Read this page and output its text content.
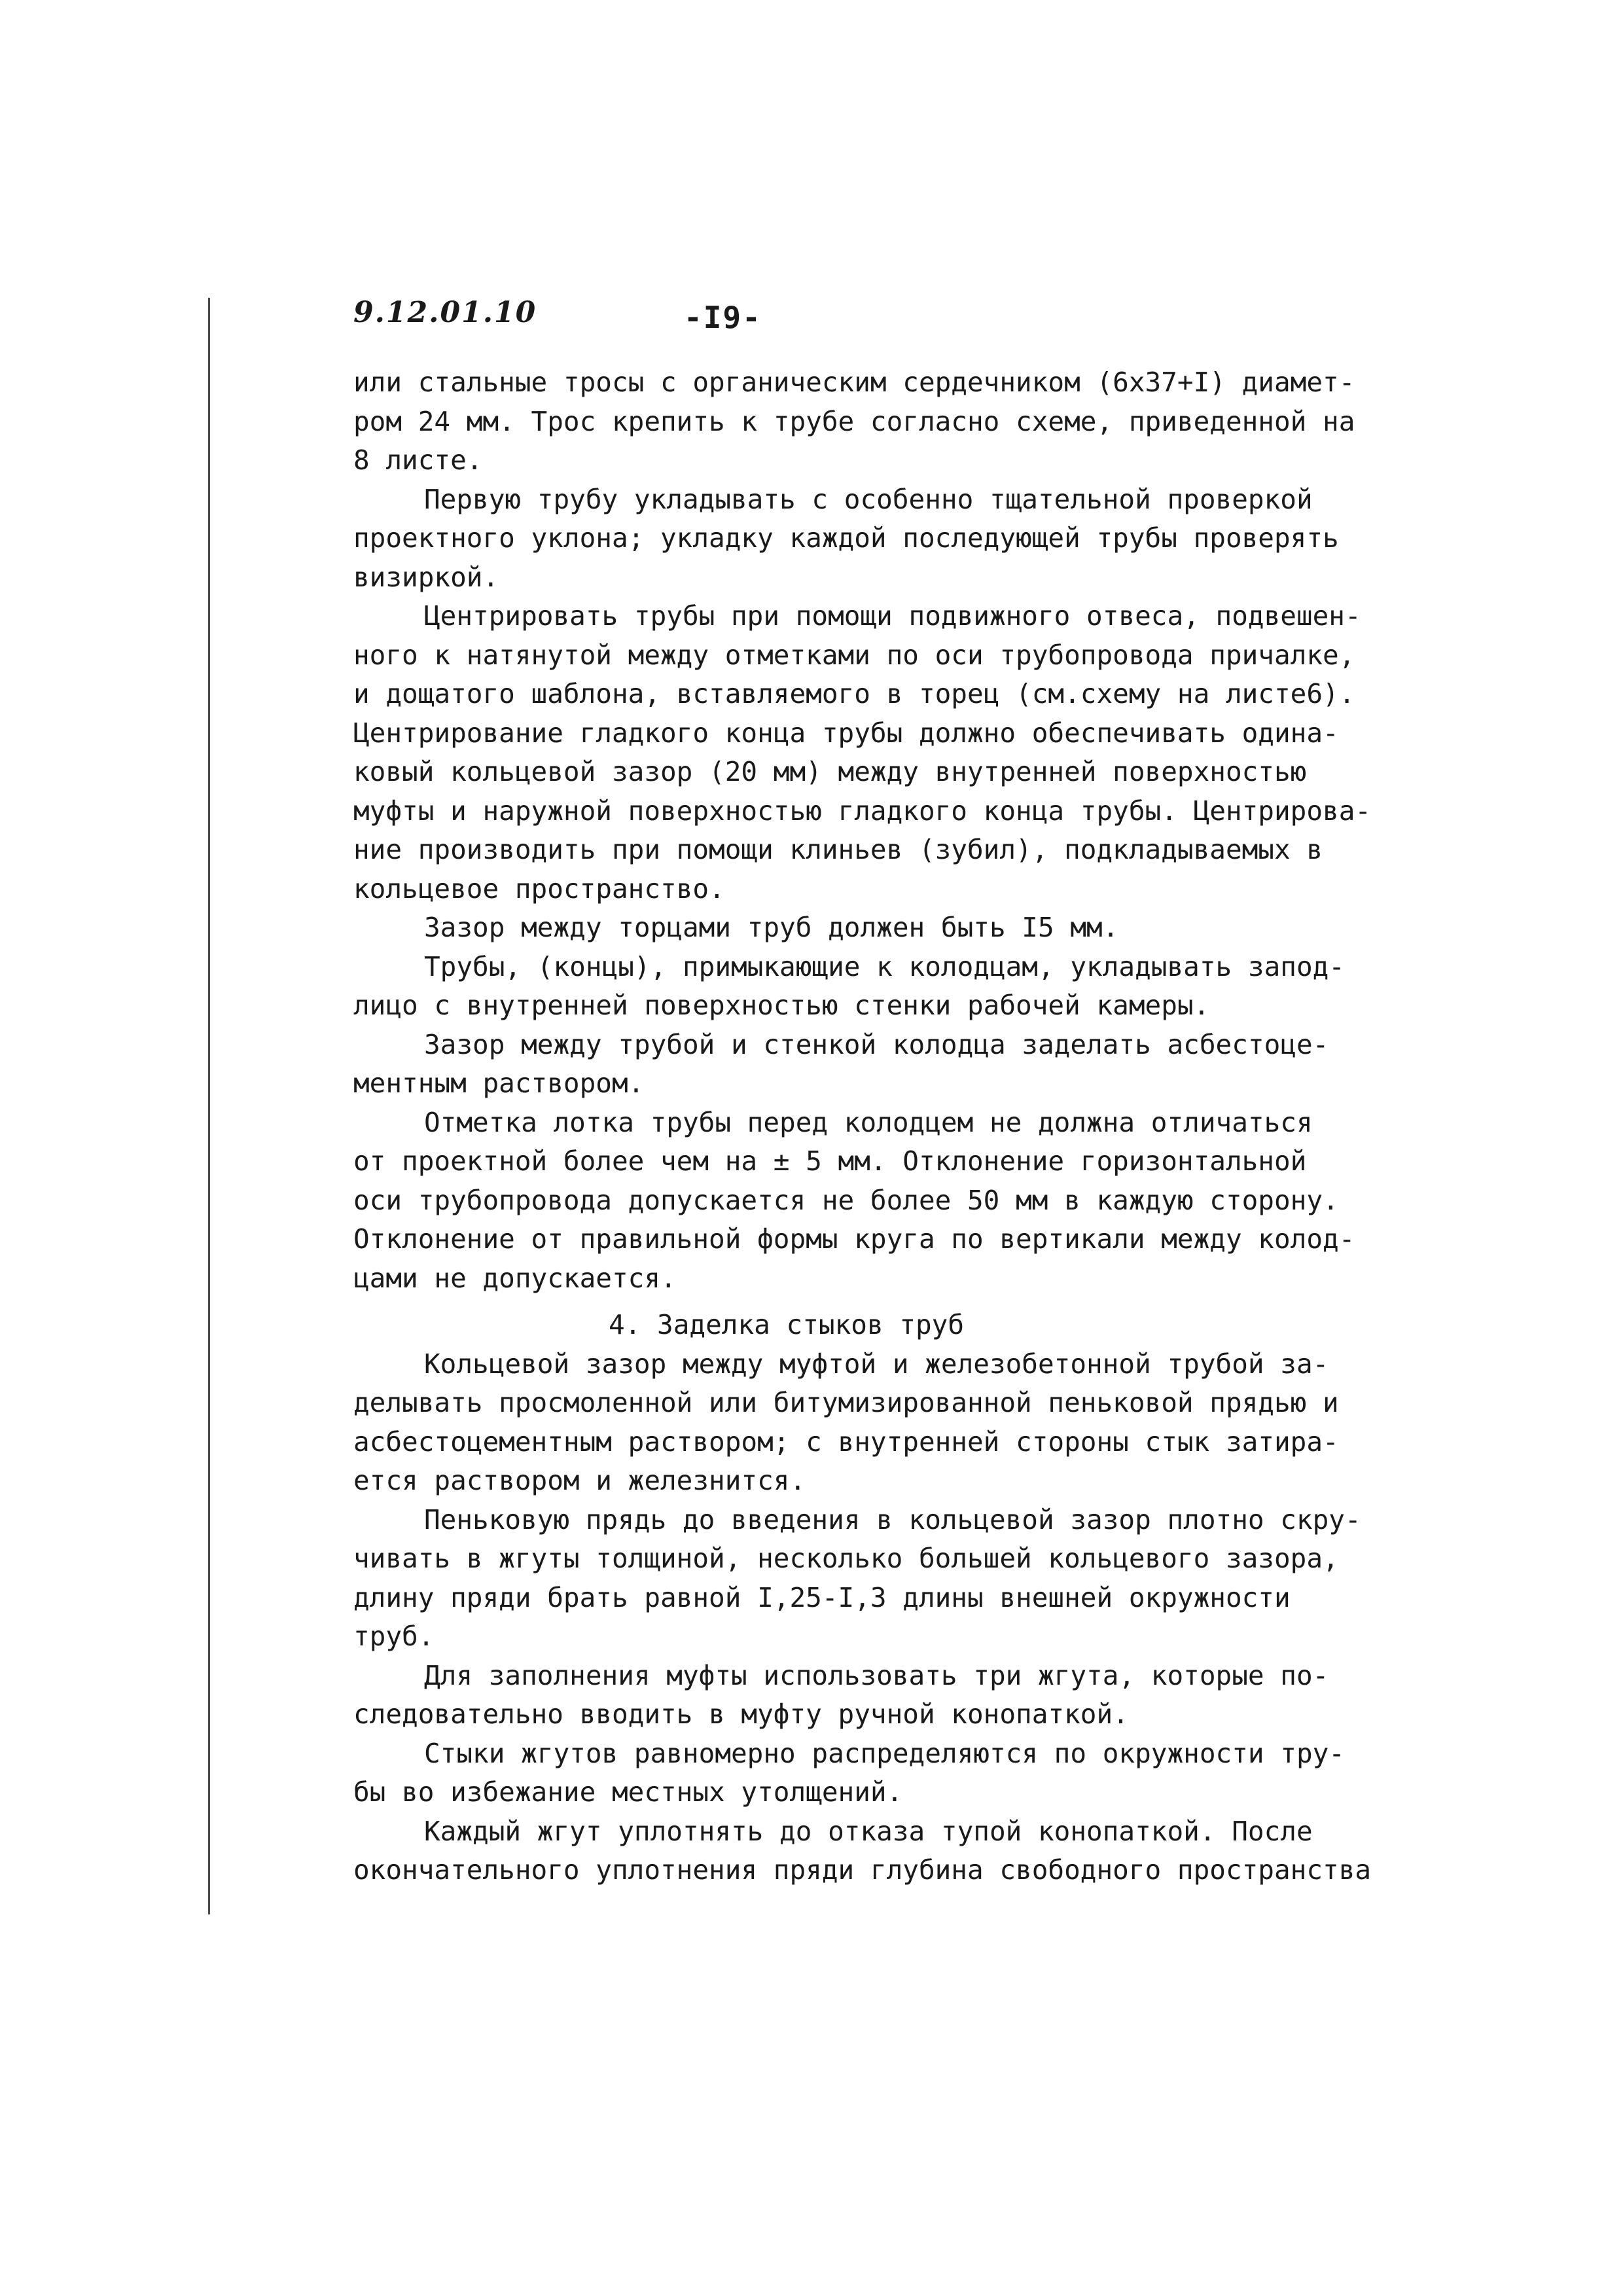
9.12.01.10	-I9-
или стальные тросы с органическим сердечником (6х37+I) диамет-
ром 24 мм. Трос крепить к трубе согласно схеме, приведенной на
8 листе.
Первую трубу укладывать с особенно тщательной проверкой
проектного уклона; укладку каждой последующей трубы проверять
визиркой.
Центрировать трубы при помощи подвижного отвеса, подвешен-
ного к натянутой между отметками по оси трубопровода причалке,
и дощатого шаблона, вставляемого в торец (см.схему на листе6).
Центрирование гладкого конца трубы должно обеспечивать одина-
ковый кольцевой зазор (20 мм) между внутренней поверхностью
муфты и наружной поверхностью гладкого конца трубы. Центрирова-
ние производить при помощи клиньев (зубил), подкладываемых в
кольцевое пространство.
Зазор между торцами труб должен быть I5 мм.
Трубы, (концы), примыкающие к колодцам, укладывать запод-
лицо с внутренней поверхностью стенки рабочей камеры.
Зазор между трубой и стенкой колодца заделать асбестоце-
ментным раствором.
Отметка лотка трубы перед колодцем не должна отличаться
от проектной более чем на ± 5 мм. Отклонение горизонтальной
оси трубопровода допускается не более 50 мм в каждую сторону.
Отклонение от правильной формы круга по вертикали между колод-
цами не допускается.
4. Заделка стыков труб
Кольцевой зазор между муфтой и железобетонной трубой за-
делывать просмоленной или битумизированной пеньковой прядью и
асбестоцементным раствором; с внутренней стороны стык затира-
ется раствором и железнится.
Пеньковую прядь до введения в кольцевой зазор плотно скру-
чивать в жгуты толщиной, несколько большей кольцевого зазора,
длину пряди брать равной I,25-I,3 длины внешней окружности
труб.
Для заполнения муфты использовать три жгута, которые по-
следовательно вводить в муфту ручной конопаткой.
Стыки жгутов равномерно распределяются по окружности тру-
бы во избежание местных утолщений.
Каждый жгут уплотнять до отказа тупой конопаткой. После
окончательного уплотнения пряди глубина свободного пространства
